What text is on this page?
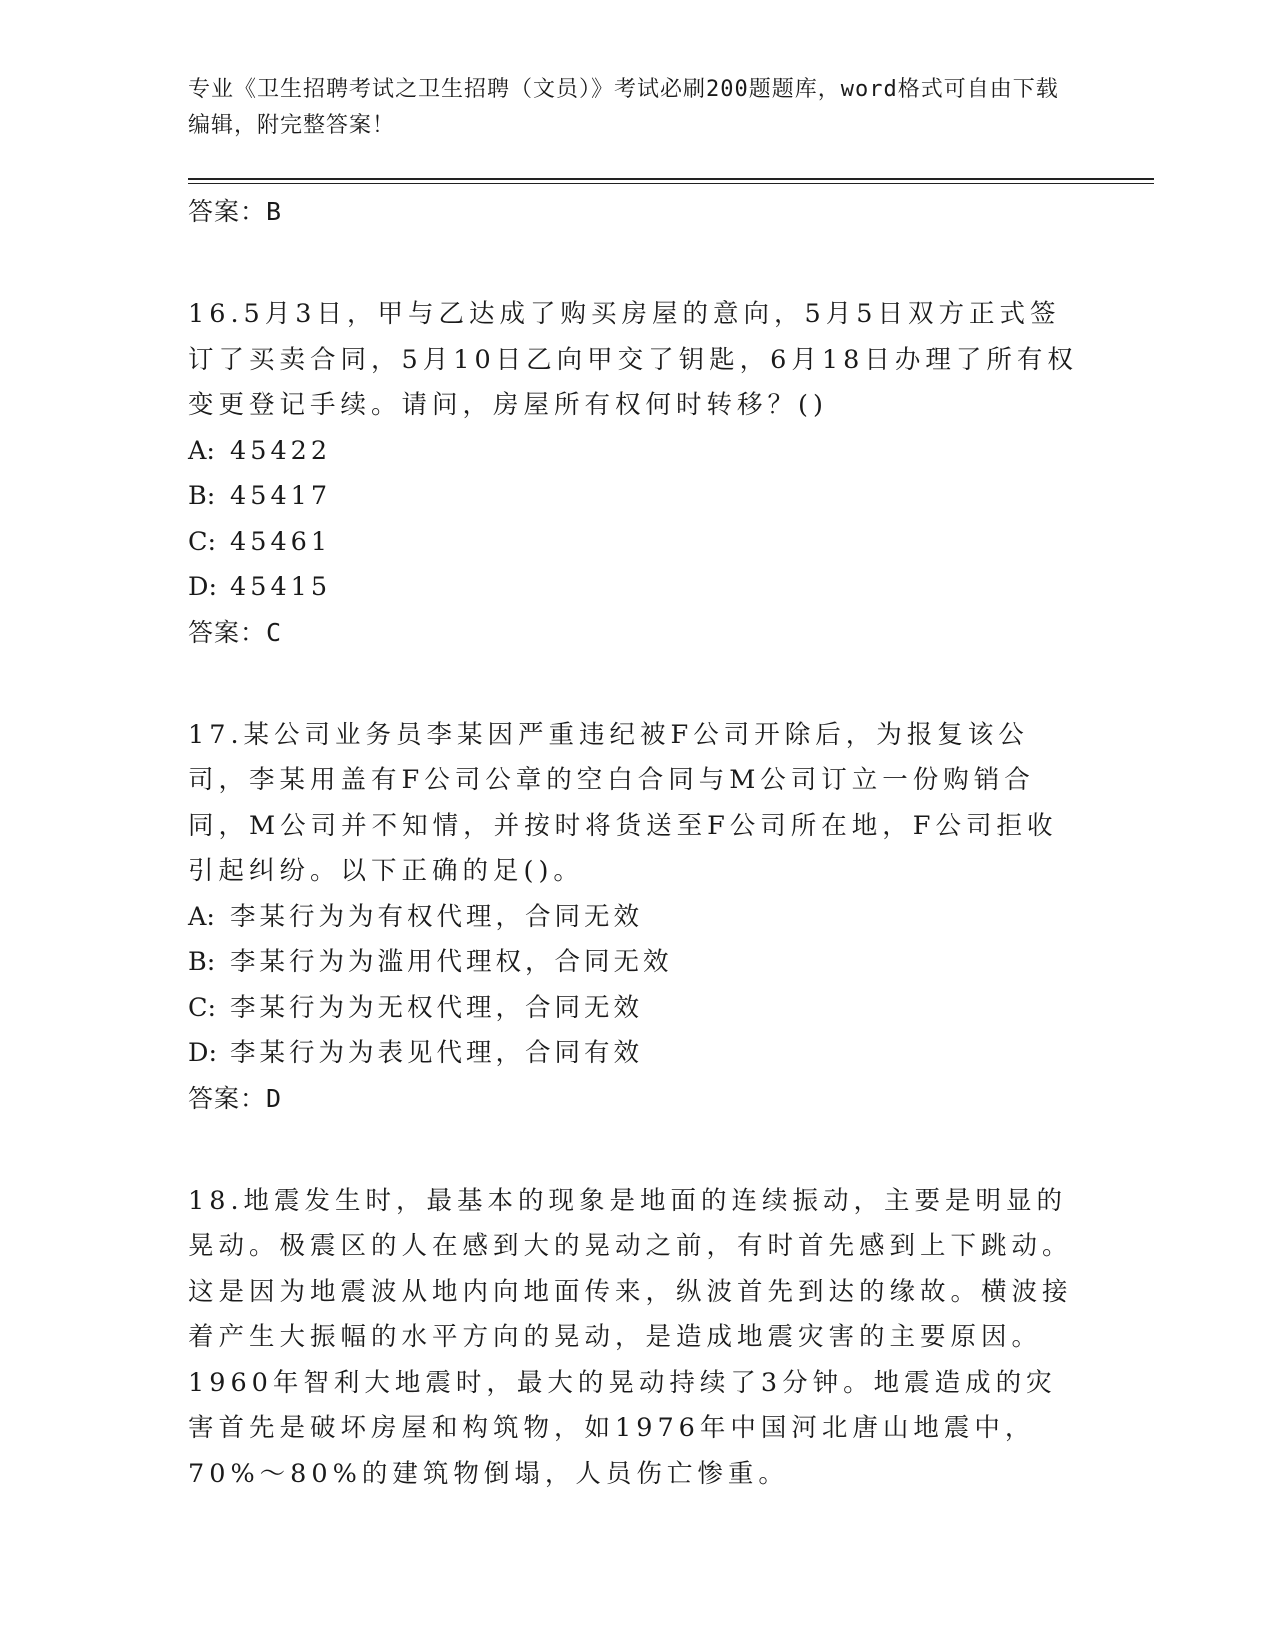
专业《卫生招聘考试之卫生招聘（文员）》考试必刷200题题库，word格式可自由下载编辑，附完整答案！

答案：B

16.5月3日，甲与乙达成了购买房屋的意向，5月5日双方正式签订了买卖合同，5月10日乙向甲交了钥匙，6月18日办理了所有权变更登记手续。请问，房屋所有权何时转移？()

A: 45422

B: 45417

C: 45461

D: 45415

答案：C

17.某公司业务员李某因严重违纪被F公司开除后，为报复该公司，李某用盖有F公司公章的空白合同与M公司订立一份购销合同，M公司并不知情，并按时将货送至F公司所在地，F公司拒收引起纠纷。以下正确的足()。

A: 李某行为为有权代理，合同无效

B: 李某行为为滥用代理权，合同无效

C: 李某行为为无权代理，合同无效

D: 李某行为为表见代理，合同有效

答案：D

18.地震发生时，最基本的现象是地面的连续振动，主要是明显的晃动。极震区的人在感到大的晃动之前，有时首先感到上下跳动。这是因为地震波从地内向地面传来，纵波首先到达的缘故。横波接着产生大振幅的水平方向的晃动，是造成地震灾害的主要原因。1960年智利大地震时，最大的晃动持续了3分钟。地震造成的灾害首先是破坏房屋和构筑物，如1976年中国河北唐山地震中，70%～80%的建筑物倒塌，人员伤亡惨重。
